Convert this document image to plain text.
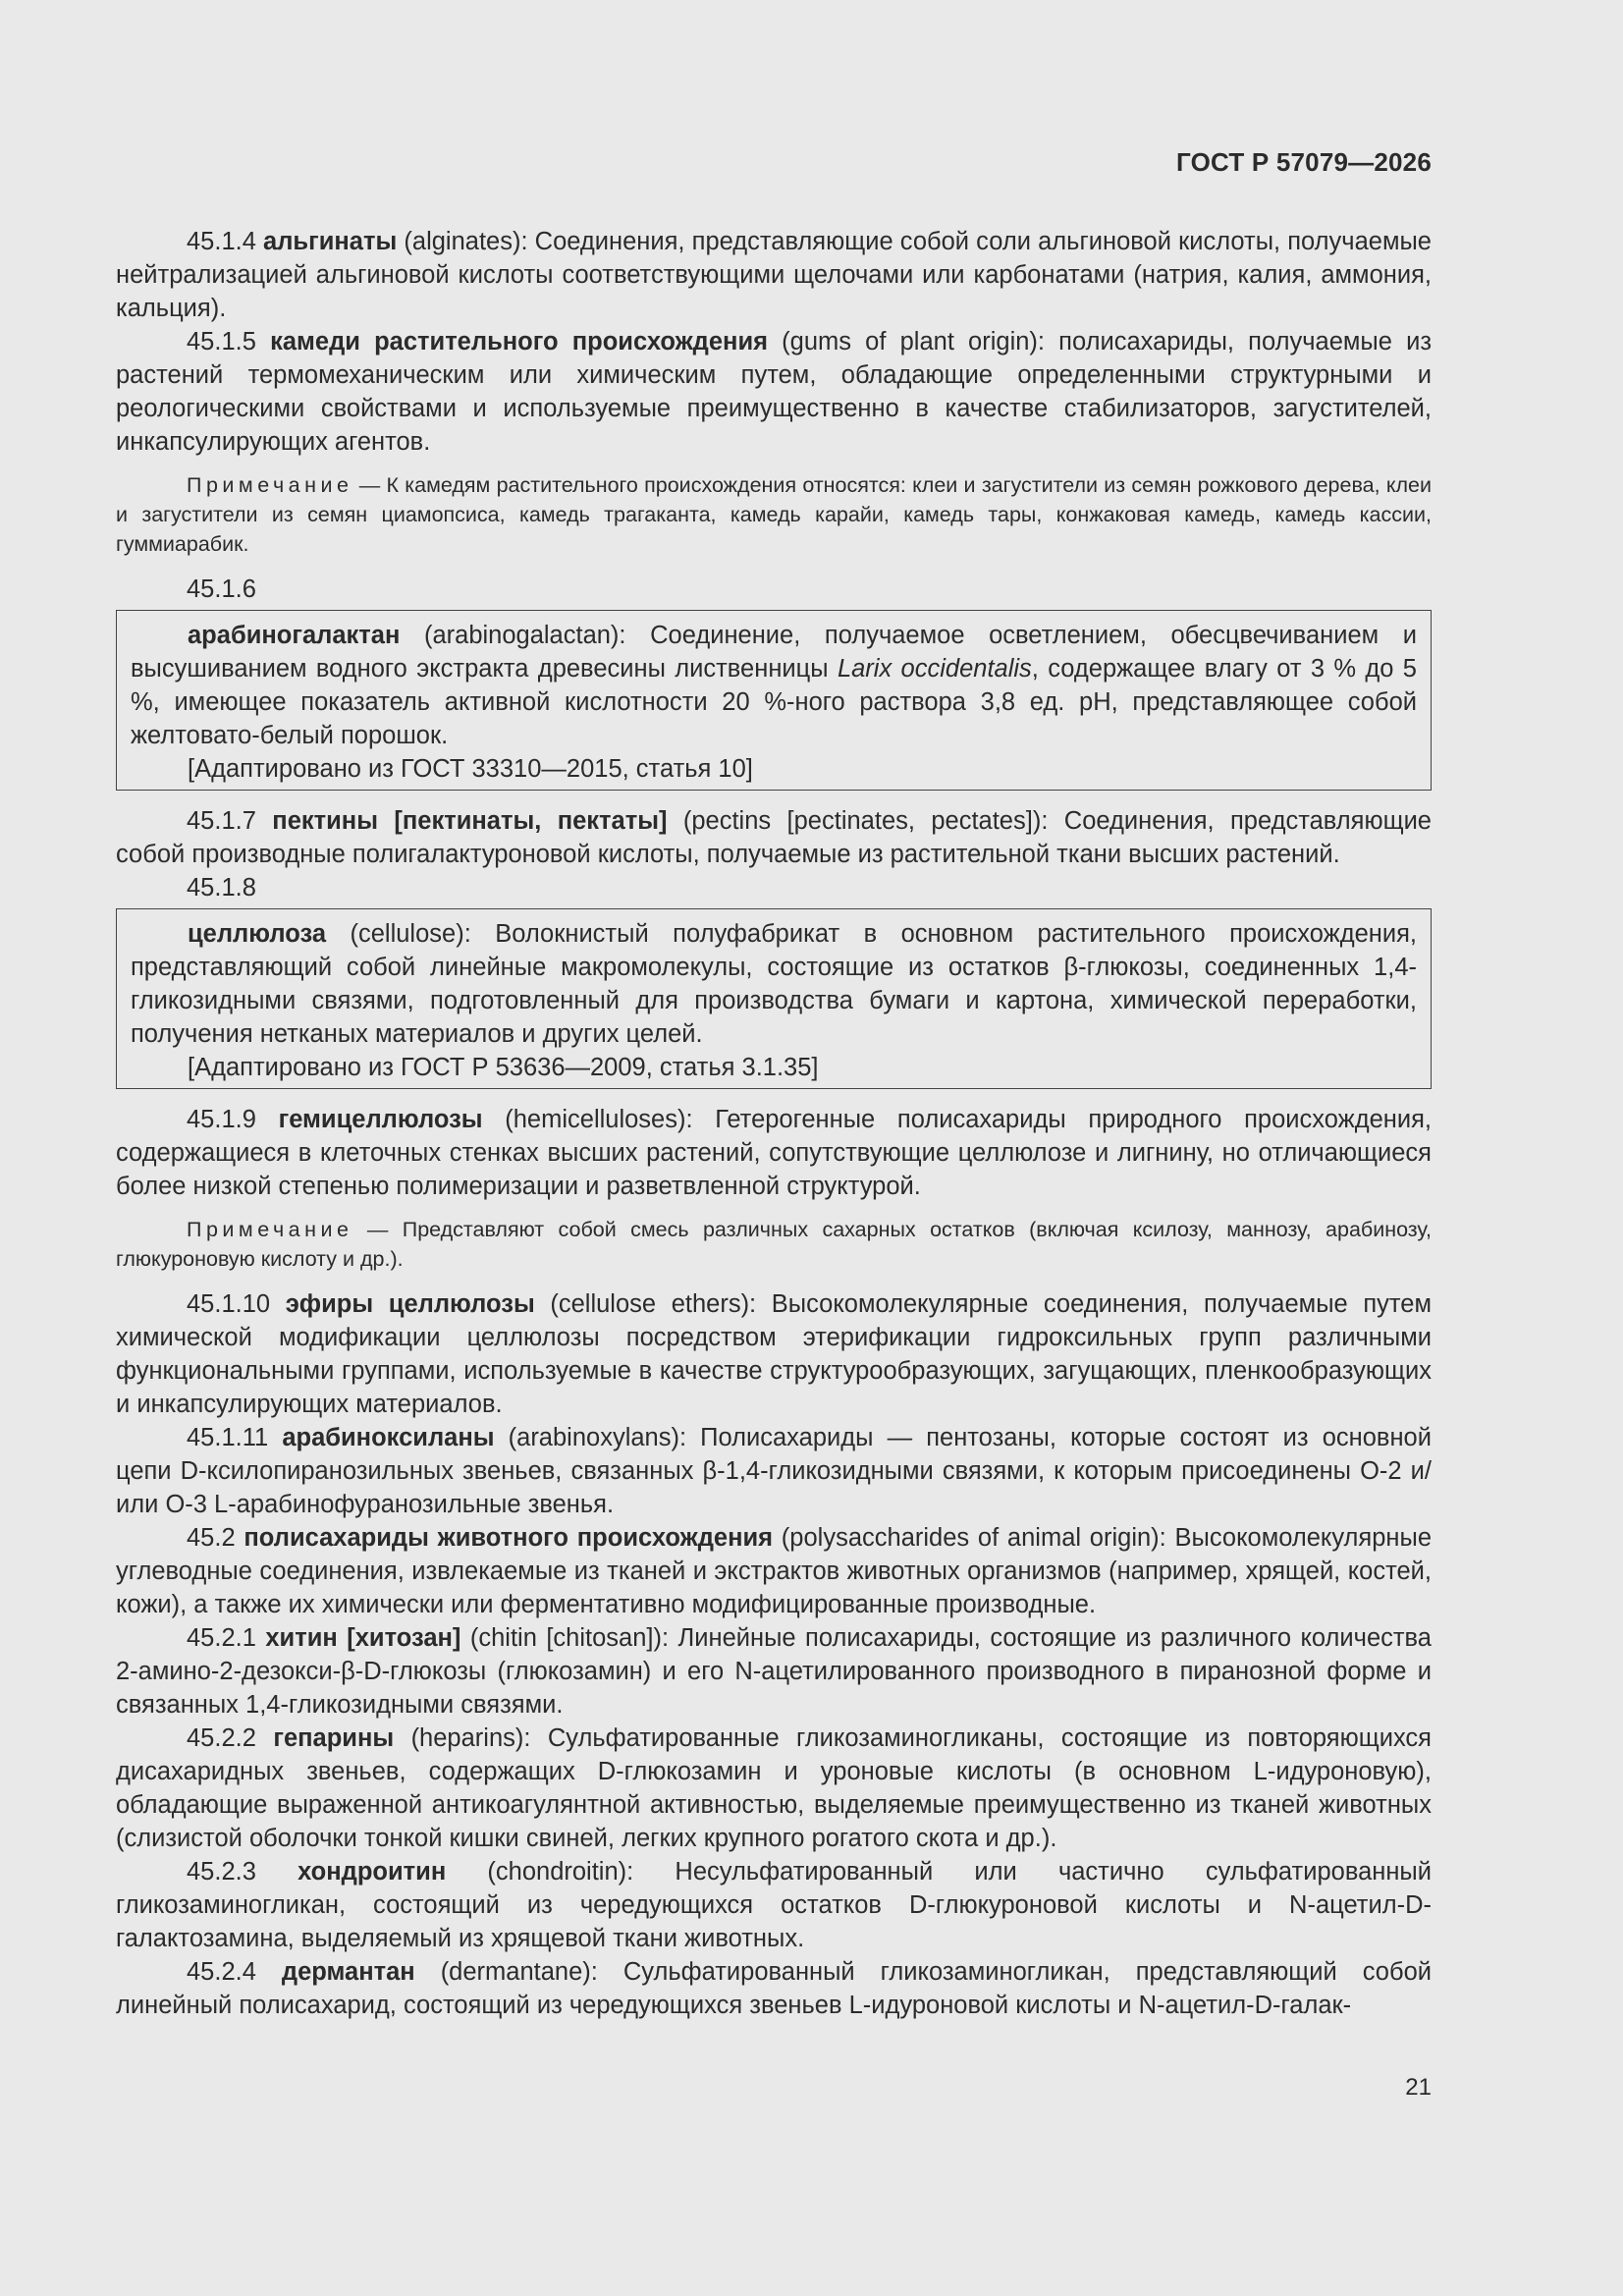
ГОСТ Р 57079—2026

45.1.4 альгинаты (alginates): Соединения, представляющие собой соли альгиновой кислоты, получаемые нейтрализацией альгиновой кислоты соответствующими щелочами или карбонатами (натрия, калия, аммония, кальция).

45.1.5 камеди растительного происхождения (gums of plant origin): полисахариды, получаемые из растений термомеханическим или химическим путем, обладающие определенными структурными и реологическими свойствами и используемые преимущественно в качестве стабилизаторов, загустителей, инкапсулирующих агентов.

Примечание — К камедям растительного происхождения относятся: клеи и загустители из семян рожкового дерева, клеи и загустители из семян циамопсиса, камедь трагаканта, камедь карайи, камедь тары, конжаковая камедь, камедь кассии, гуммиарабик.

45.1.6

арабиногалактан (arabinogalactan): Соединение, получаемое осветлением, обесцвечиванием и высушиванием водного экстракта древесины лиственницы Larix occidentalis, содержащее влагу от 3 % до 5 %, имеющее показатель активной кислотности 20 %-ного раствора 3,8 ед. pH, представляющее собой желтовато-белый порошок.

[Адаптировано из ГОСТ 33310—2015, статья 10]

45.1.7 пектины [пектинаты, пектаты] (pectins [pectinates, pectates]): Соединения, представляющие собой производные полигалактуроновой кислоты, получаемые из растительной ткани высших растений.

45.1.8

целлюлоза (cellulose): Волокнистый полуфабрикат в основном растительного происхождения, представляющий собой линейные макромолекулы, состоящие из остатков β-глюкозы, соединенных 1,4-гликозидными связями, подготовленный для производства бумаги и картона, химической переработки, получения нетканых материалов и других целей.

[Адаптировано из ГОСТ Р 53636—2009, статья 3.1.35]

45.1.9 гемицеллюлозы (hemicelluloses): Гетерогенные полисахариды природного происхождения, содержащиеся в клеточных стенках высших растений, сопутствующие целлюлозе и лигнину, но отличающиеся более низкой степенью полимеризации и разветвленной структурой.

Примечание — Представляют собой смесь различных сахарных остатков (включая ксилозу, маннозу, арабинозу, глюкуроновую кислоту и др.).

45.1.10 эфиры целлюлозы (cellulose ethers): Высокомолекулярные соединения, получаемые путем химической модификации целлюлозы посредством этерификации гидроксильных групп различными функциональными группами, используемые в качестве структурообразующих, загущающих, пленкообразующих и инкапсулирующих материалов.

45.1.11 арабиноксиланы (arabinoxylans): Полисахариды — пентозаны, которые состоят из основной цепи D-ксилопиранозильных звеньев, связанных β-1,4-гликозидными связями, к которым присоединены О-2 и/или О-3 L-арабинофуранозильные звенья.

45.2 полисахариды животного происхождения (polysaccharides of animal origin): Высокомолекулярные углеводные соединения, извлекаемые из тканей и экстрактов животных организмов (например, хрящей, костей, кожи), а также их химически или ферментативно модифицированные производные.

45.2.1 хитин [хитозан] (chitin [chitosan]): Линейные полисахариды, состоящие из различного количества 2-амино-2-дезокси-β-D-глюкозы (глюкозамин) и его N-ацетилированного производного в пиранозной форме и связанных 1,4-гликозидными связями.

45.2.2 гепарины (heparins): Сульфатированные гликозаминогликаны, состоящие из повторяющихся дисахаридных звеньев, содержащих D-глюкозамин и уроновые кислоты (в основном L-идуроновую), обладающие выраженной антикоагулянтной активностью, выделяемые преимущественно из тканей животных (слизистой оболочки тонкой кишки свиней, легких крупного рогатого скота и др.).

45.2.3 хондроитин (chondroitin): Несульфатированный или частично сульфатированный гликозаминогликан, состоящий из чередующихся остатков D-глюкуроновой кислоты и N-ацетил-D-галактозамина, выделяемый из хрящевой ткани животных.

45.2.4 дермантан (dermantane): Сульфатированный гликозаминогликан, представляющий собой линейный полисахарид, состоящий из чередующихся звеньев L-идуроновой кислоты и N-ацетил-D-галак-

21
